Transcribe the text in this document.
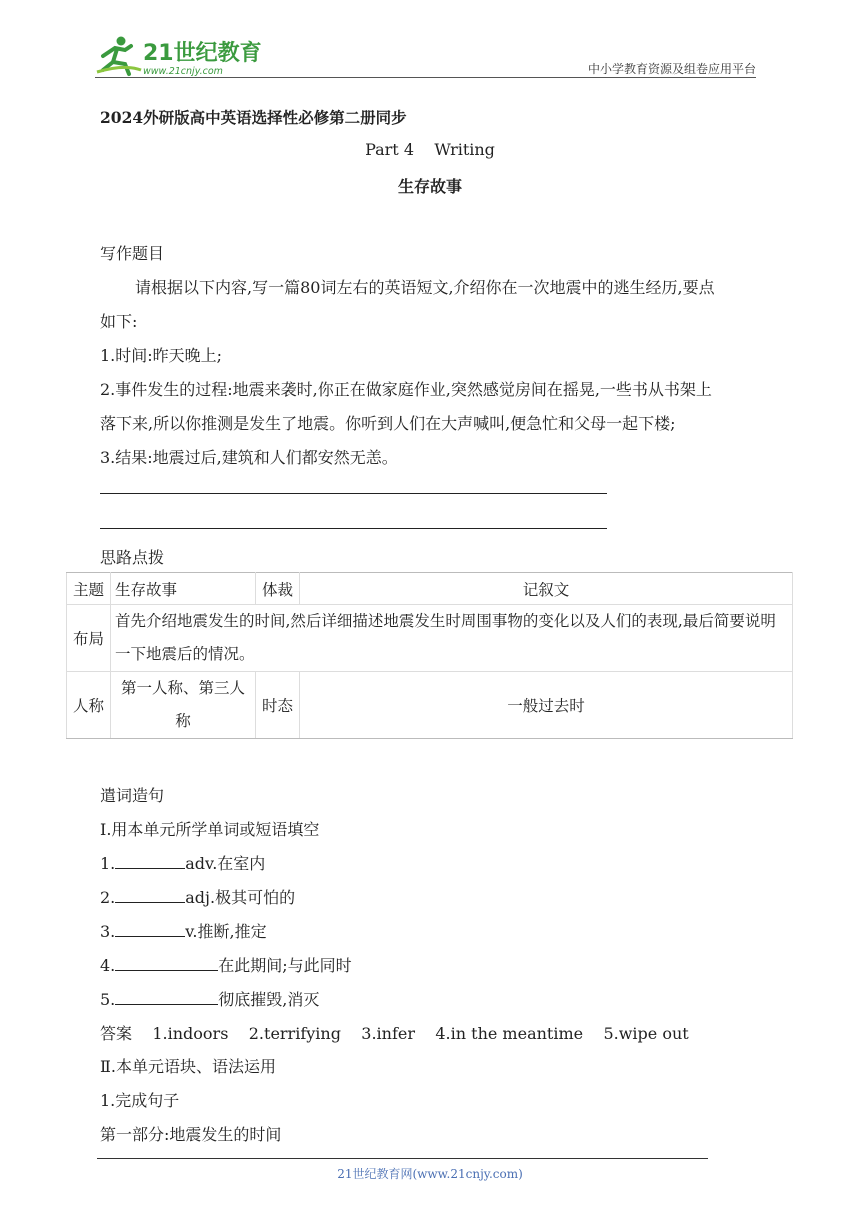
21世纪教育
www.21cnjy.com	中小学教育资源及组卷应用平台
2024外研版高中英语选择性必修第二册同步
Part 4    Writing
生存故事
写作题目
请根据以下内容,写一篇80词左右的英语短文,介绍你在一次地震中的逃生经历,要点
如下:
1.时间:昨天晚上;
2.事件发生的过程:地震来袭时,你正在做家庭作业,突然感觉房间在摇晃,一些书从书架上
落下来,所以你推测是发生了地震。你听到人们在大声喊叫,便急忙和父母一起下楼;
3.结果:地震过后,建筑和人们都安然无恙。
思路点拨
主题	生存故事	体裁	记叙文
布局	首先介绍地震发生的时间,然后详细描述地震发生时周围事物的变化以及人们的表现,最后简要说明一下地震后的情况。		
人称	第一人称、第三人称	时态	一般过去时
遣词造句
Ⅰ.用本单元所学单词或短语填空
1.	adv.在室内
2.	adj.极其可怕的
3.	v.推断,推定
4.	在此期间;与此同时
5.	彻底摧毁,消灭
答案    1.indoors    2.terrifying    3.infer    4.in the meantime    5.wipe out
Ⅱ.本单元语块、语法运用
1.完成句子
第一部分:地震发生的时间
21世纪教育网(www.21cnjy.com)
